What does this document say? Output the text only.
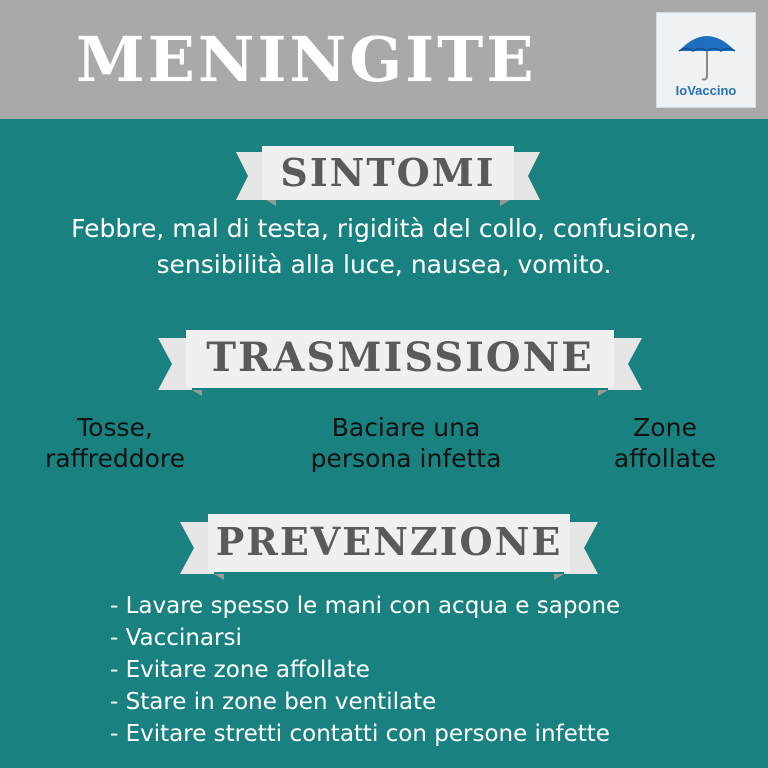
MENINGITE	IoVaccino
SINTOMI
Febbre, mal di testa, rigidità del collo, confusione,
sensibilità alla luce, nausea, vomito.
TRASMISSIONE
Tosse,
raffreddore
Baciare una
persona infetta
Zone
affollate
PREVENZIONE
- Lavare spesso le mani con acqua e sapone
- Vaccinarsi
- Evitare zone affollate
- Stare in zone ben ventilate
- Evitare stretti contatti con persone infette
